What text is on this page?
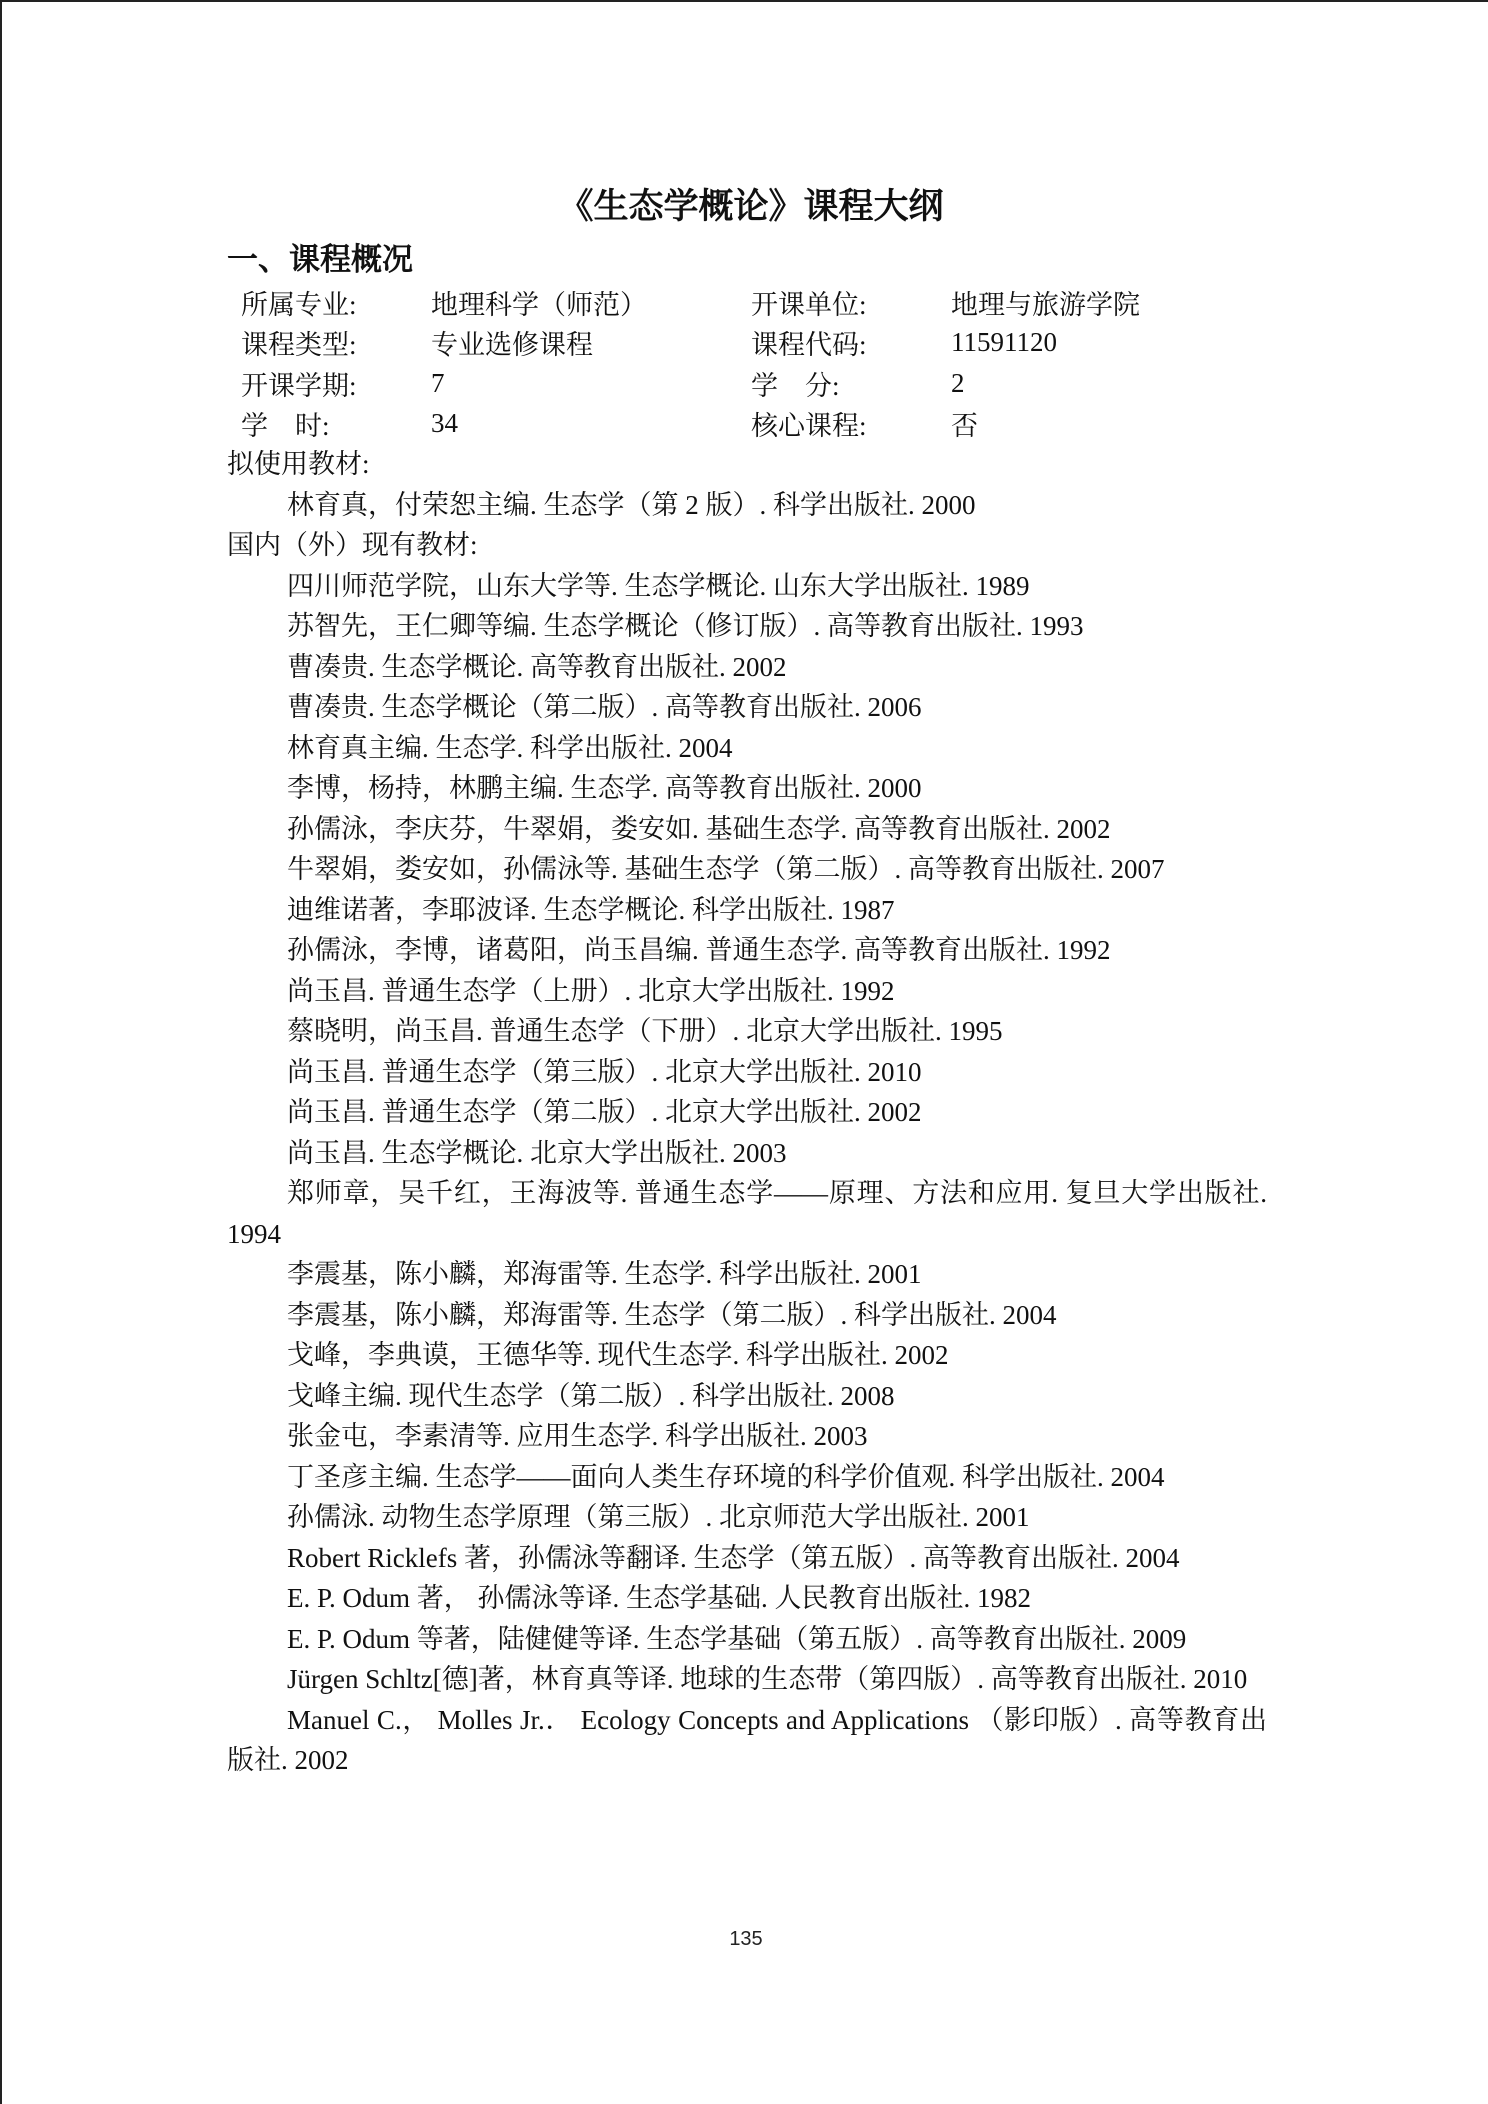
《生态学概论》课程大纲
一、课程概况
所属专业:	地理科学（师范）	开课单位:	地理与旅游学院
课程类型:	专业选修课程	课程代码:	11591120
开课学期:	7	学　分:	2
学　时:	34	核心课程:	否

拟使用教材:

林育真，付荣恕主编. 生态学（第 2 版）. 科学出版社. 2000

国内（外）现有教材:

四川师范学院，山东大学等. 生态学概论. 山东大学出版社. 1989

苏智先，王仁卿等编. 生态学概论（修订版）. 高等教育出版社. 1993

曹凑贵. 生态学概论. 高等教育出版社. 2002

曹凑贵. 生态学概论（第二版）. 高等教育出版社. 2006

林育真主编. 生态学. 科学出版社. 2004

李博，杨持，林鹏主编. 生态学. 高等教育出版社. 2000

孙儒泳，李庆芬，牛翠娟，娄安如. 基础生态学. 高等教育出版社. 2002

牛翠娟，娄安如，孙儒泳等. 基础生态学（第二版）. 高等教育出版社. 2007

迪维诺著，李耶波译. 生态学概论. 科学出版社. 1987

孙儒泳，李博，诸葛阳，尚玉昌编. 普通生态学. 高等教育出版社. 1992

尚玉昌. 普通生态学（上册）. 北京大学出版社. 1992

蔡晓明，尚玉昌. 普通生态学（下册）. 北京大学出版社. 1995

尚玉昌. 普通生态学（第三版）. 北京大学出版社. 2010

尚玉昌. 普通生态学（第二版）. 北京大学出版社. 2002

尚玉昌. 生态学概论. 北京大学出版社. 2003

郑师章，吴千红，王海波等. 普通生态学——原理、方法和应用. 复旦大学出版社. 1994

李震基，陈小麟，郑海雷等. 生态学. 科学出版社. 2001

李震基，陈小麟，郑海雷等. 生态学（第二版）. 科学出版社. 2004

戈峰，李典谟，王德华等. 现代生态学. 科学出版社. 2002

戈峰主编. 现代生态学（第二版）. 科学出版社. 2008

张金屯，李素清等. 应用生态学. 科学出版社. 2003

丁圣彦主编. 生态学——面向人类生存环境的科学价值观. 科学出版社. 2004

孙儒泳. 动物生态学原理（第三版）. 北京师范大学出版社. 2001

Robert Ricklefs 著，孙儒泳等翻译. 生态学（第五版）. 高等教育出版社. 2004

E. P. Odum 著， 孙儒泳等译. 生态学基础. 人民教育出版社. 1982

E. P. Odum 等著，陆健健等译. 生态学基础（第五版）. 高等教育出版社. 2009

Jürgen Schltz[德]著，林育真等译. 地球的生态带（第四版）. 高等教育出版社. 2010

Manuel C.， Molles Jr.． Ecology Concepts and Applications （影印版）. 高等教育出版社. 2002

135
